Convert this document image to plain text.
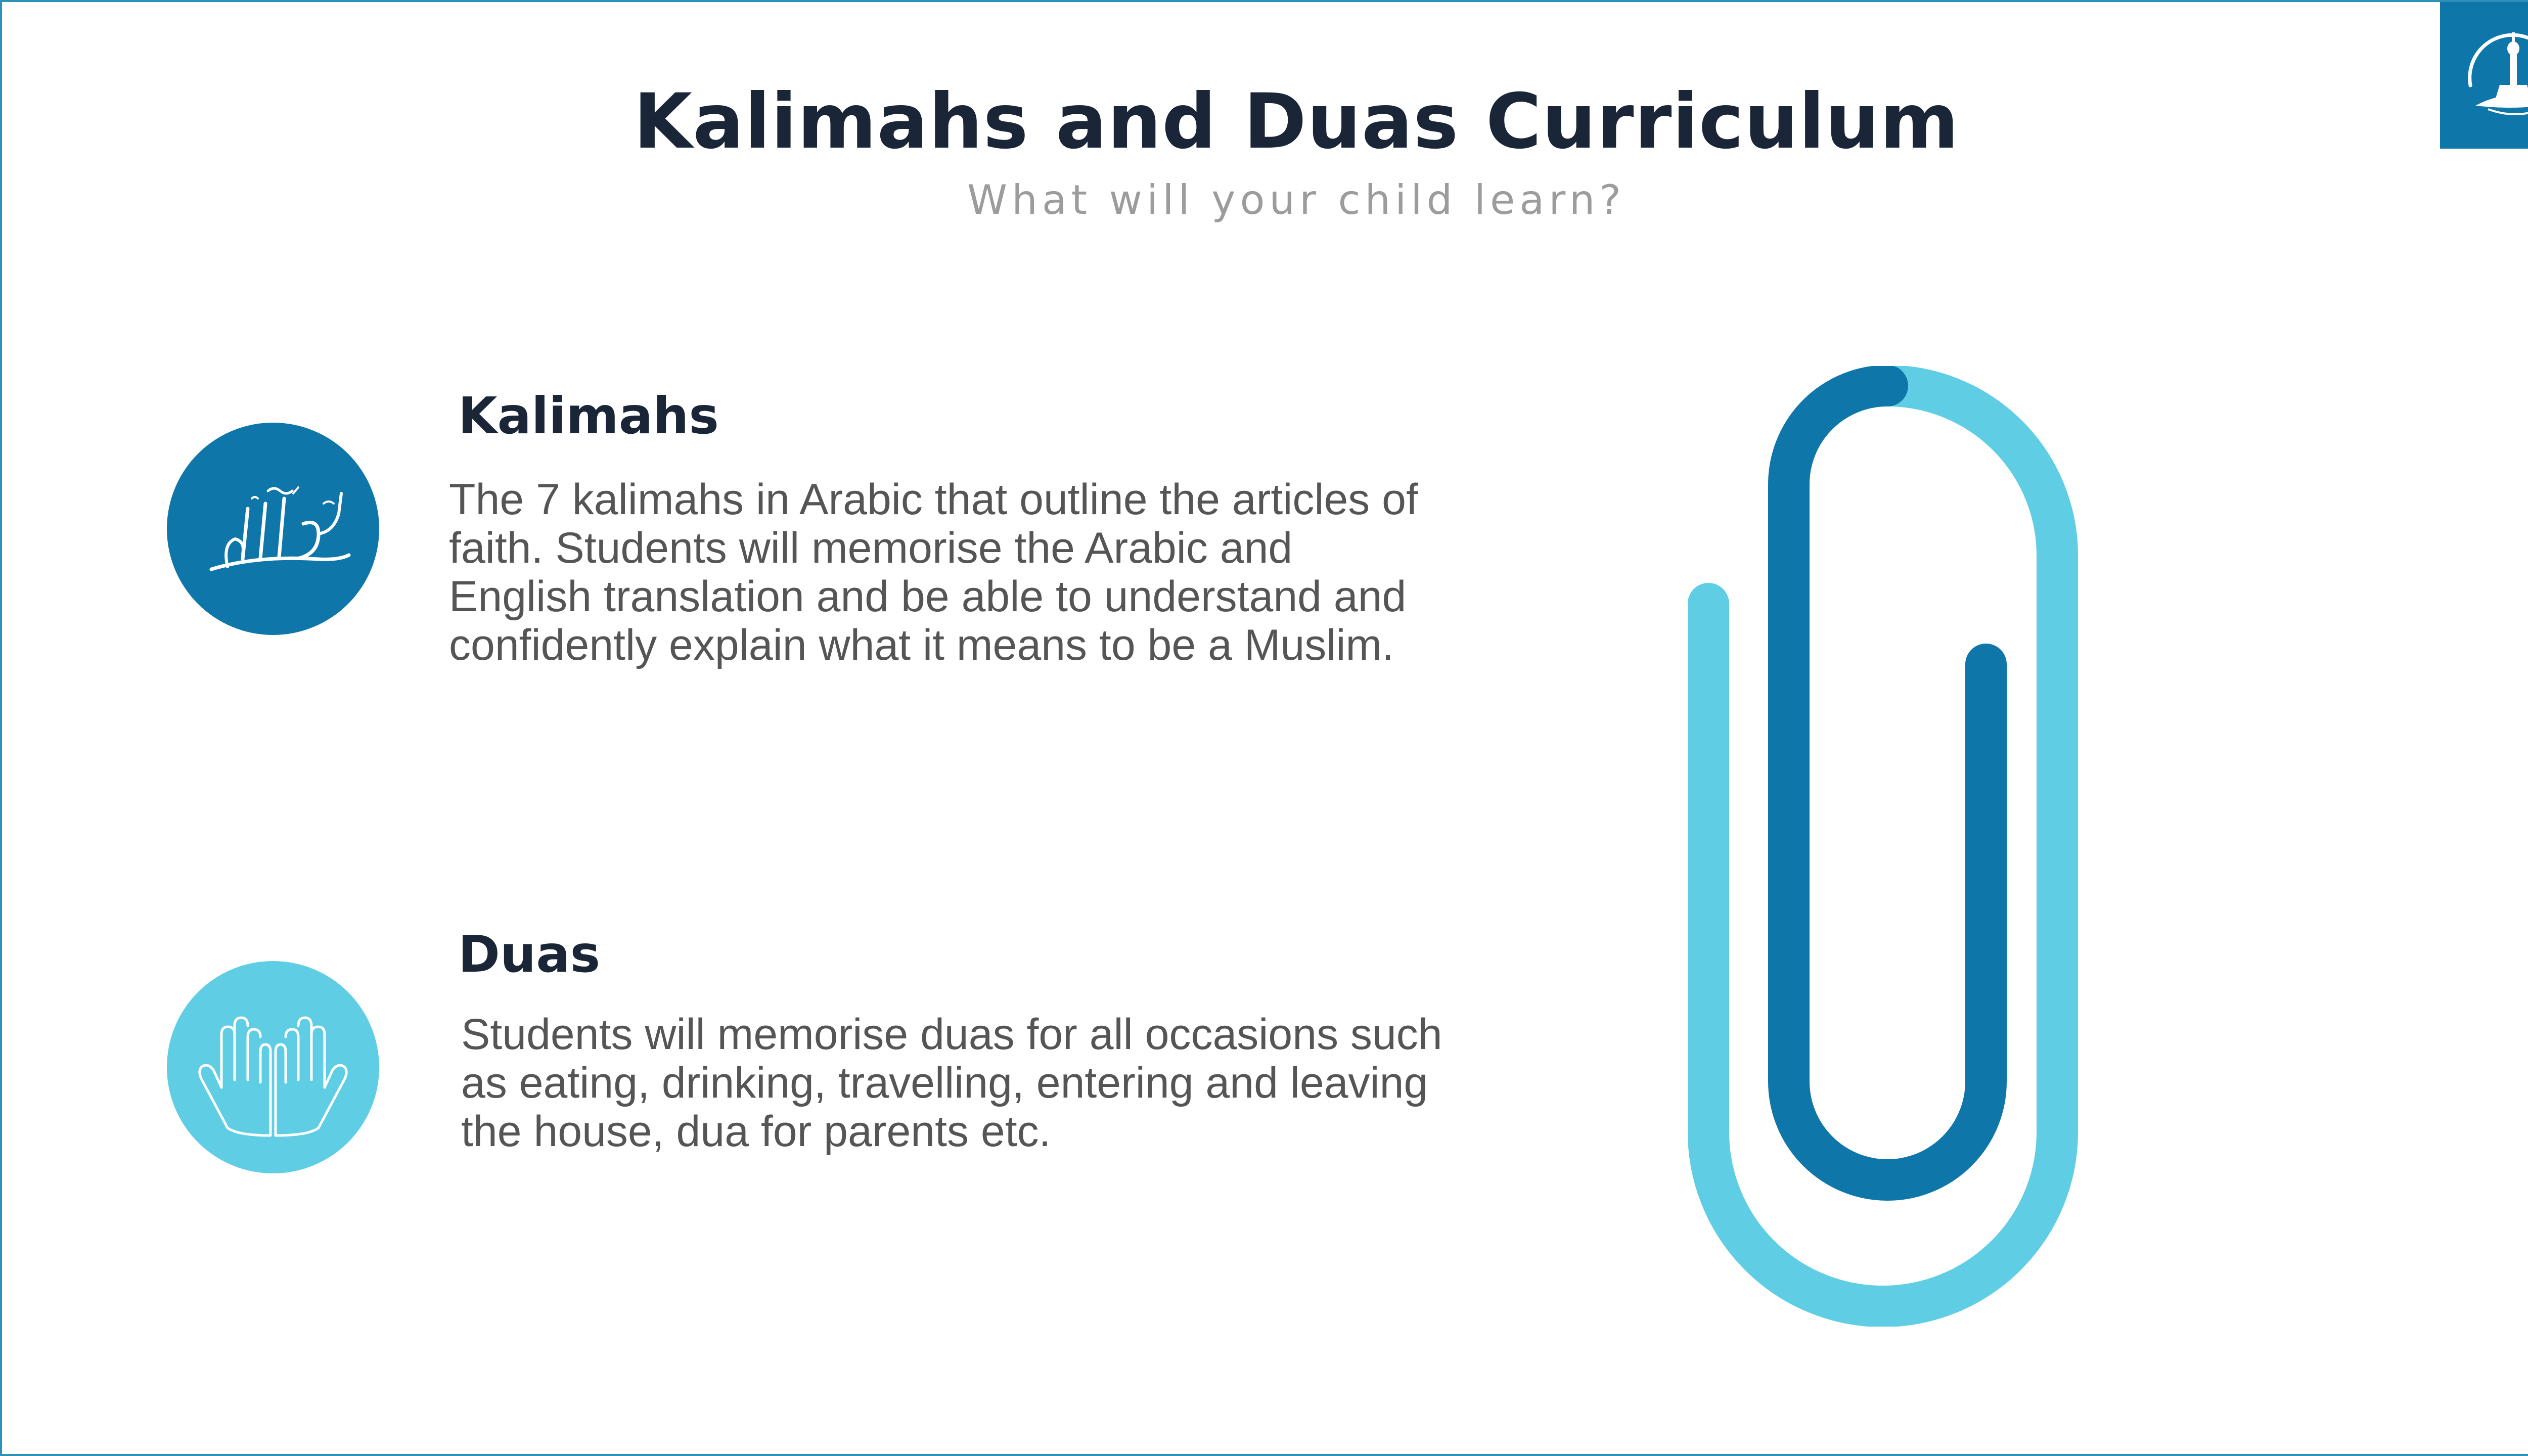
Kalimahs and Duas Curriculum

What will your child learn?

Kalimahs

The 7 kalimahs in Arabic that outline the articles of faith. Students will memorise the Arabic and English translation and be able to understand and confidently explain what it means to be a Muslim.

Duas

Students will memorise duas for all occasions such as eating, drinking, travelling, entering and leaving the house, dua for parents etc.
